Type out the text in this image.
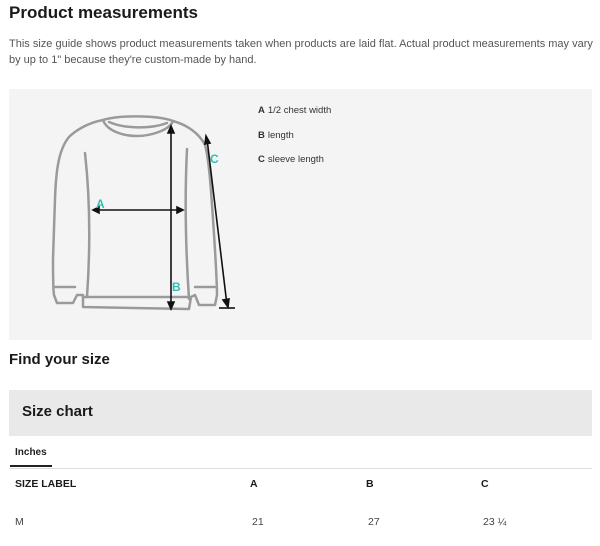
Product measurements

This size guide shows product measurements taken when products are laid flat. Actual product measurements may vary by up to 1" because they're custom-made by hand.

A
B
C
A 1/2 chest width
B length
C sleeve length
Find your size
Size chart
Inches
SIZE LABEL	A	B	C
M	21	27	23 ¼
